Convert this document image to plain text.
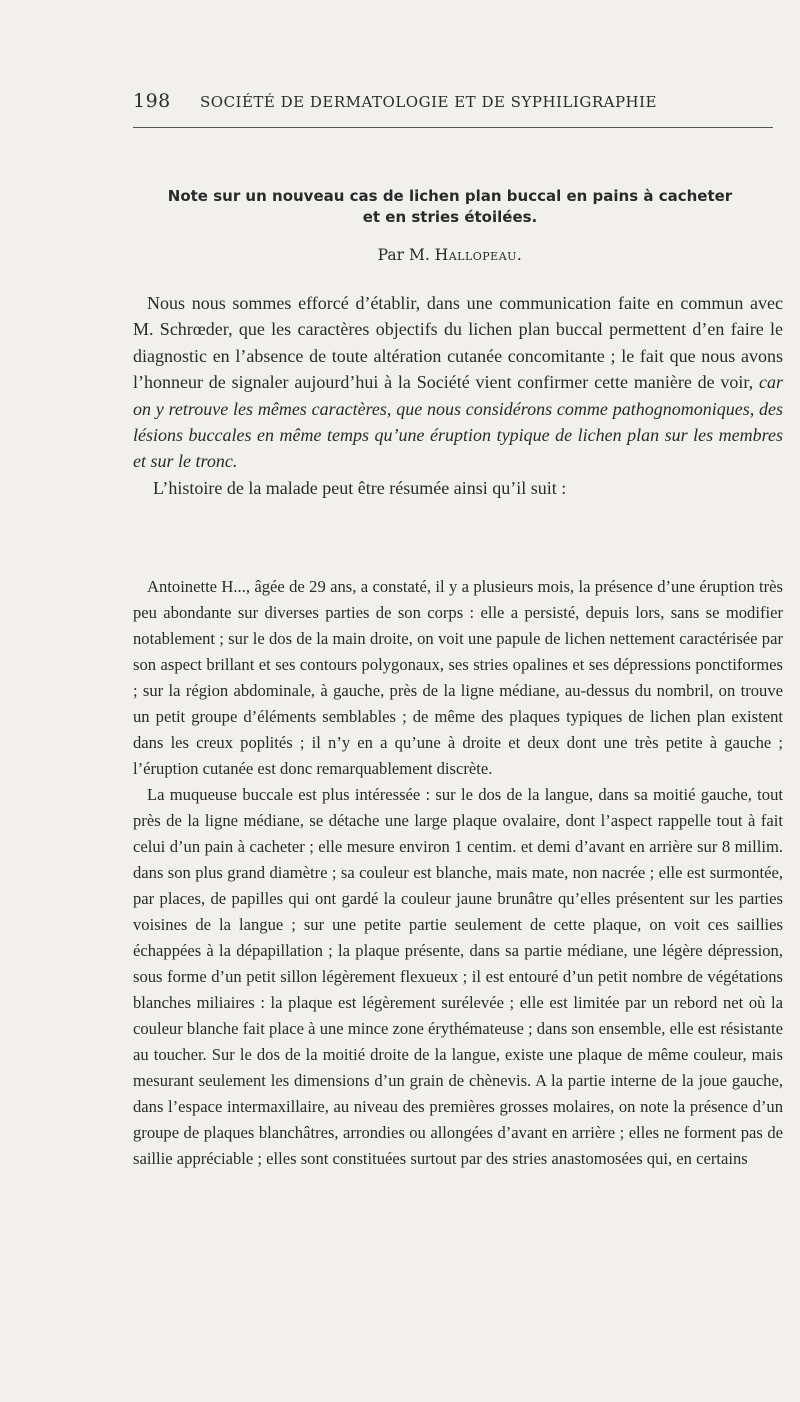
198 SOCIÉTÉ DE DERMATOLOGIE ET DE SYPHILIGRAPHIE
Note sur un nouveau cas de lichen plan buccal en pains à cacheter
et en stries étoilées.
Par M. Hallopeau.

Nous nous sommes efforcé d’établir, dans une communication faite en commun avec M. Schrœder, que les caractères objectifs du lichen plan buccal permettent d’en faire le diagnostic en l’absence de toute altération cutanée concomitante ; le fait que nous avons l’honneur de signaler aujourd’hui à la Société vient confirmer cette manière de voir, car on y retrouve les mêmes caractères, que nous considérons comme pathognomoniques, des lésions buccales en même temps qu’une éruption typique de lichen plan sur les membres et sur le tronc.

L’histoire de la malade peut être résumée ainsi qu’il suit :

Antoinette H..., âgée de 29 ans, a constaté, il y a plusieurs mois, la présence d’une éruption très peu abondante sur diverses parties de son corps : elle a persisté, depuis lors, sans se modifier notablement ; sur le dos de la main droite, on voit une papule de lichen nettement caractérisée par son aspect brillant et ses contours polygonaux, ses stries opalines et ses dépressions ponctiformes ; sur la région abdominale, à gauche, près de la ligne médiane, au-dessus du nombril, on trouve un petit groupe d’éléments semblables ; de même des plaques typiques de lichen plan existent dans les creux poplités ; il n’y en a qu’une à droite et deux dont une très petite à gauche ; l’éruption cutanée est donc remarquablement discrète.

La muqueuse buccale est plus intéressée : sur le dos de la langue, dans sa moitié gauche, tout près de la ligne médiane, se détache une large plaque ovalaire, dont l’aspect rappelle tout à fait celui d’un pain à cacheter ; elle mesure environ 1 centim. et demi d’avant en arrière sur 8 millim. dans son plus grand diamètre ; sa couleur est blanche, mais mate, non nacrée ; elle est surmontée, par places, de papilles qui ont gardé la couleur jaune brunâtre qu’elles présentent sur les parties voisines de la langue ; sur une petite partie seulement de cette plaque, on voit ces saillies échappées à la dépapillation ; la plaque présente, dans sa partie médiane, une légère dépression, sous forme d’un petit sillon légèrement flexueux ; il est entouré d’un petit nombre de végétations blanches miliaires : la plaque est légèrement surélevée ; elle est limitée par un rebord net où la couleur blanche fait place à une mince zone érythémateuse ; dans son ensemble, elle est résistante au toucher. Sur le dos de la moitié droite de la langue, existe une plaque de même couleur, mais mesurant seulement les dimensions d’un grain de chènevis. A la partie interne de la joue gauche, dans l’espace intermaxillaire, au niveau des premières grosses molaires, on note la présence d’un groupe de plaques blanchâtres, arrondies ou allongées d’avant en arrière ; elles ne forment pas de saillie appréciable ; elles sont constituées surtout par des stries anastomosées qui, en certains
